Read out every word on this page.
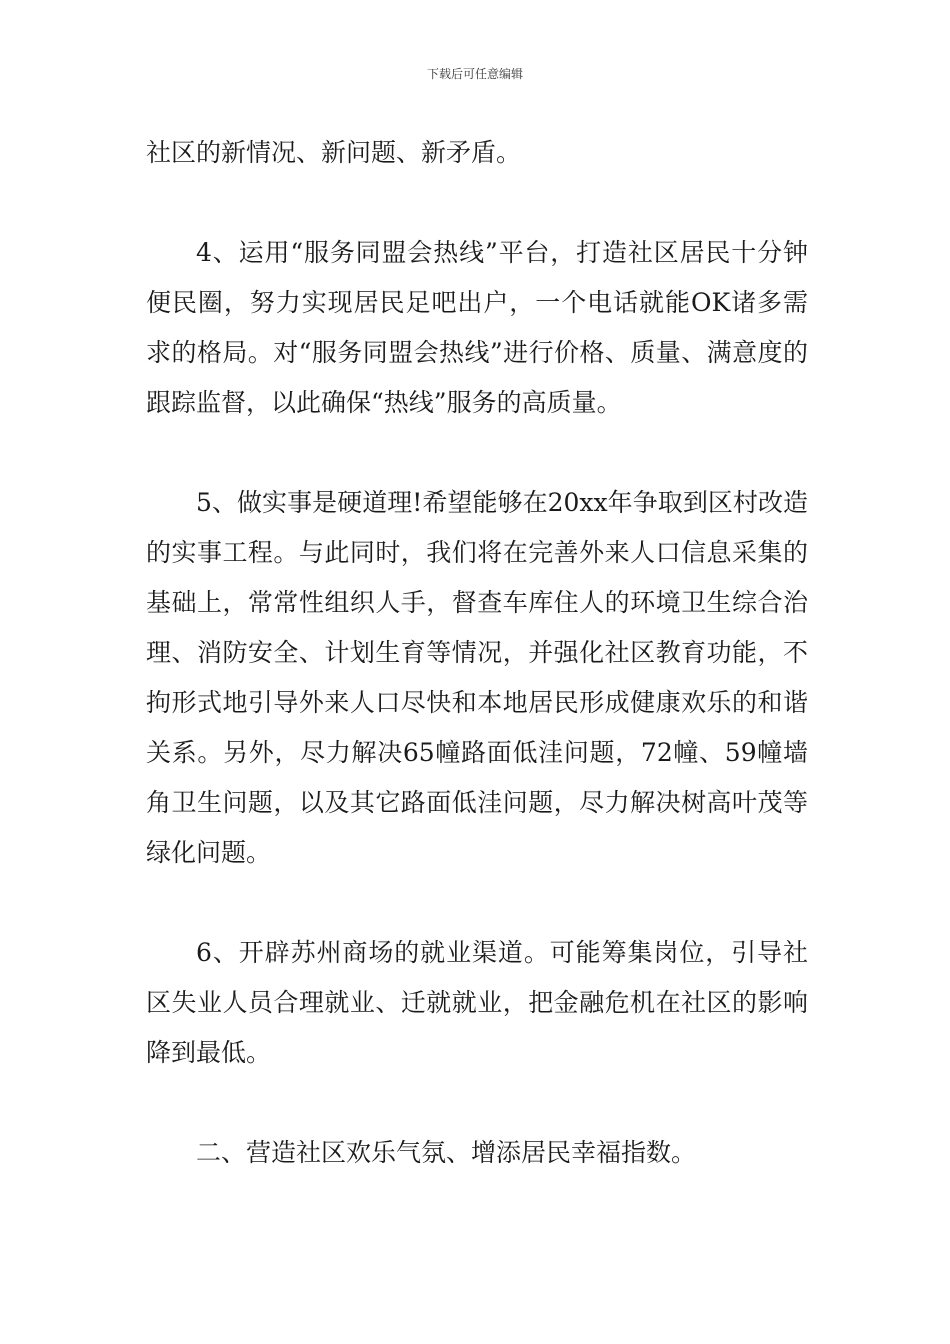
下载后可任意编辑

社区的新情况、新问题、新矛盾。

4、运用“服务同盟会热线”平台，打造社区居民十分钟便民圈，努力实现居民足吧出户，一个电话就能OK诸多需求的格局。对“服务同盟会热线”进行价格、质量、满意度的跟踪监督，以此确保“热线”服务的高质量。

5、做实事是硬道理!希望能够在20xx年争取到区村改造的实事工程。与此同时，我们将在完善外来人口信息采集的基础上，常常性组织人手，督查车库住人的环境卫生综合治理、消防安全、计划生育等情况，并强化社区教育功能，不拘形式地引导外来人口尽快和本地居民形成健康欢乐的和谐关系。另外，尽力解决65幢路面低洼问题，72幢、59幢墙角卫生问题，以及其它路面低洼问题，尽力解决树高叶茂等绿化问题。

6、开辟苏州商场的就业渠道。可能筹集岗位，引导社区失业人员合理就业、迁就就业，把金融危机在社区的影响降到最低。

二、营造社区欢乐气氛、增添居民幸福指数。
